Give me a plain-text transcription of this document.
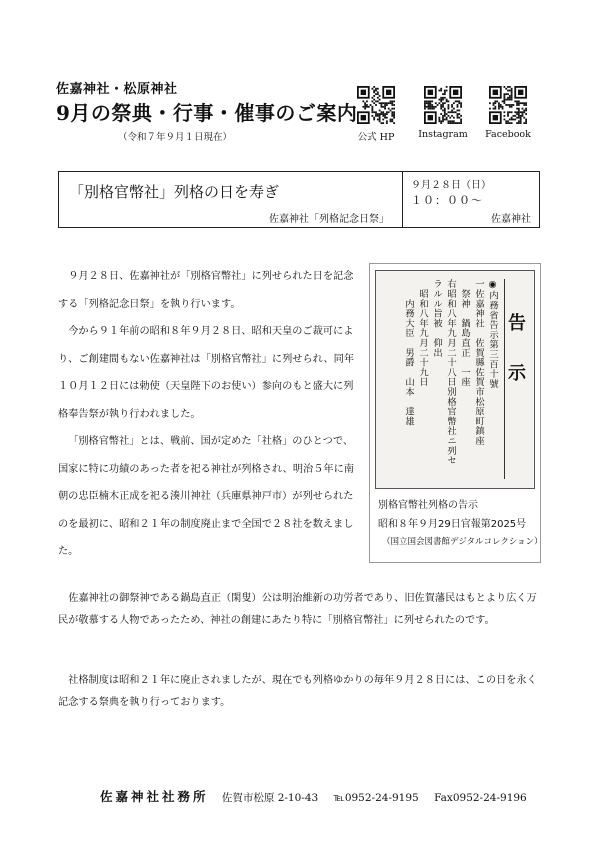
佐嘉神社・松原神社
9月の祭典・行事・催事のご案内
（令和７年９月１日現在）	公式 HP	Instagram	Facebook
「別格官幣社」列格の日を寿ぎ
佐嘉神社「列格記念日祭」
９月２８日（日）
１０：００〜
佐嘉神社

９月２８日、佐嘉神社が「別格官幣社」に列せられた日を記念する「列格記念日祭」を執り行います。

今から９１年前の昭和８年９月２８日、昭和天皇のご裁可により、ご創建間もない佐嘉神社は「別格官幣社」に列せられ、同年１０月１２日には勅使（天皇陛下のお使い）参向のもと盛大に列格奉告祭が執り行われました。

「別格官幣社」とは、戦前、国が定めた「社格」のひとつで、国家に特に功績のあった者を祀る神社が列格され、明治５年に南朝の忠臣楠木正成を祀る湊川神社（兵庫県神戸市）が列せられたのを最初に、昭和２１年の制度廃止まで全国で２８社を数えました。

告
示
◉内務省告示第三百十號
一佐嘉神社　佐賀縣佐賀市松原町鎮座
　祭神　鍋島直正　一座
右昭和八年九月二十八日別格官幣社ニ列セ
ラルル旨被　仰出
　昭和八年九月二十九日
　　内務大臣　男爵　山本　達雄
別格官幣社列格の告示
昭和８年９月29日官報第2025号
（国立国会図書館デジタルコレクション）

佐嘉神社の御祭神である鍋島直正（閑叟）公は明治維新の功労者であり、旧佐賀藩民はもとより広く万民が敬慕する人物であったため、神社の創建にあたり特に「別格官幣社」に列せられたのです。

社格制度は昭和２１年に廃止されましたが、現在でも列格ゆかりの毎年９月２８日には、この日を永く記念する祭典を執り行っております。

佐嘉神社社務所 佐賀市松原 2-10-43 ℡0952-24-9195 Fax0952-24-9196
